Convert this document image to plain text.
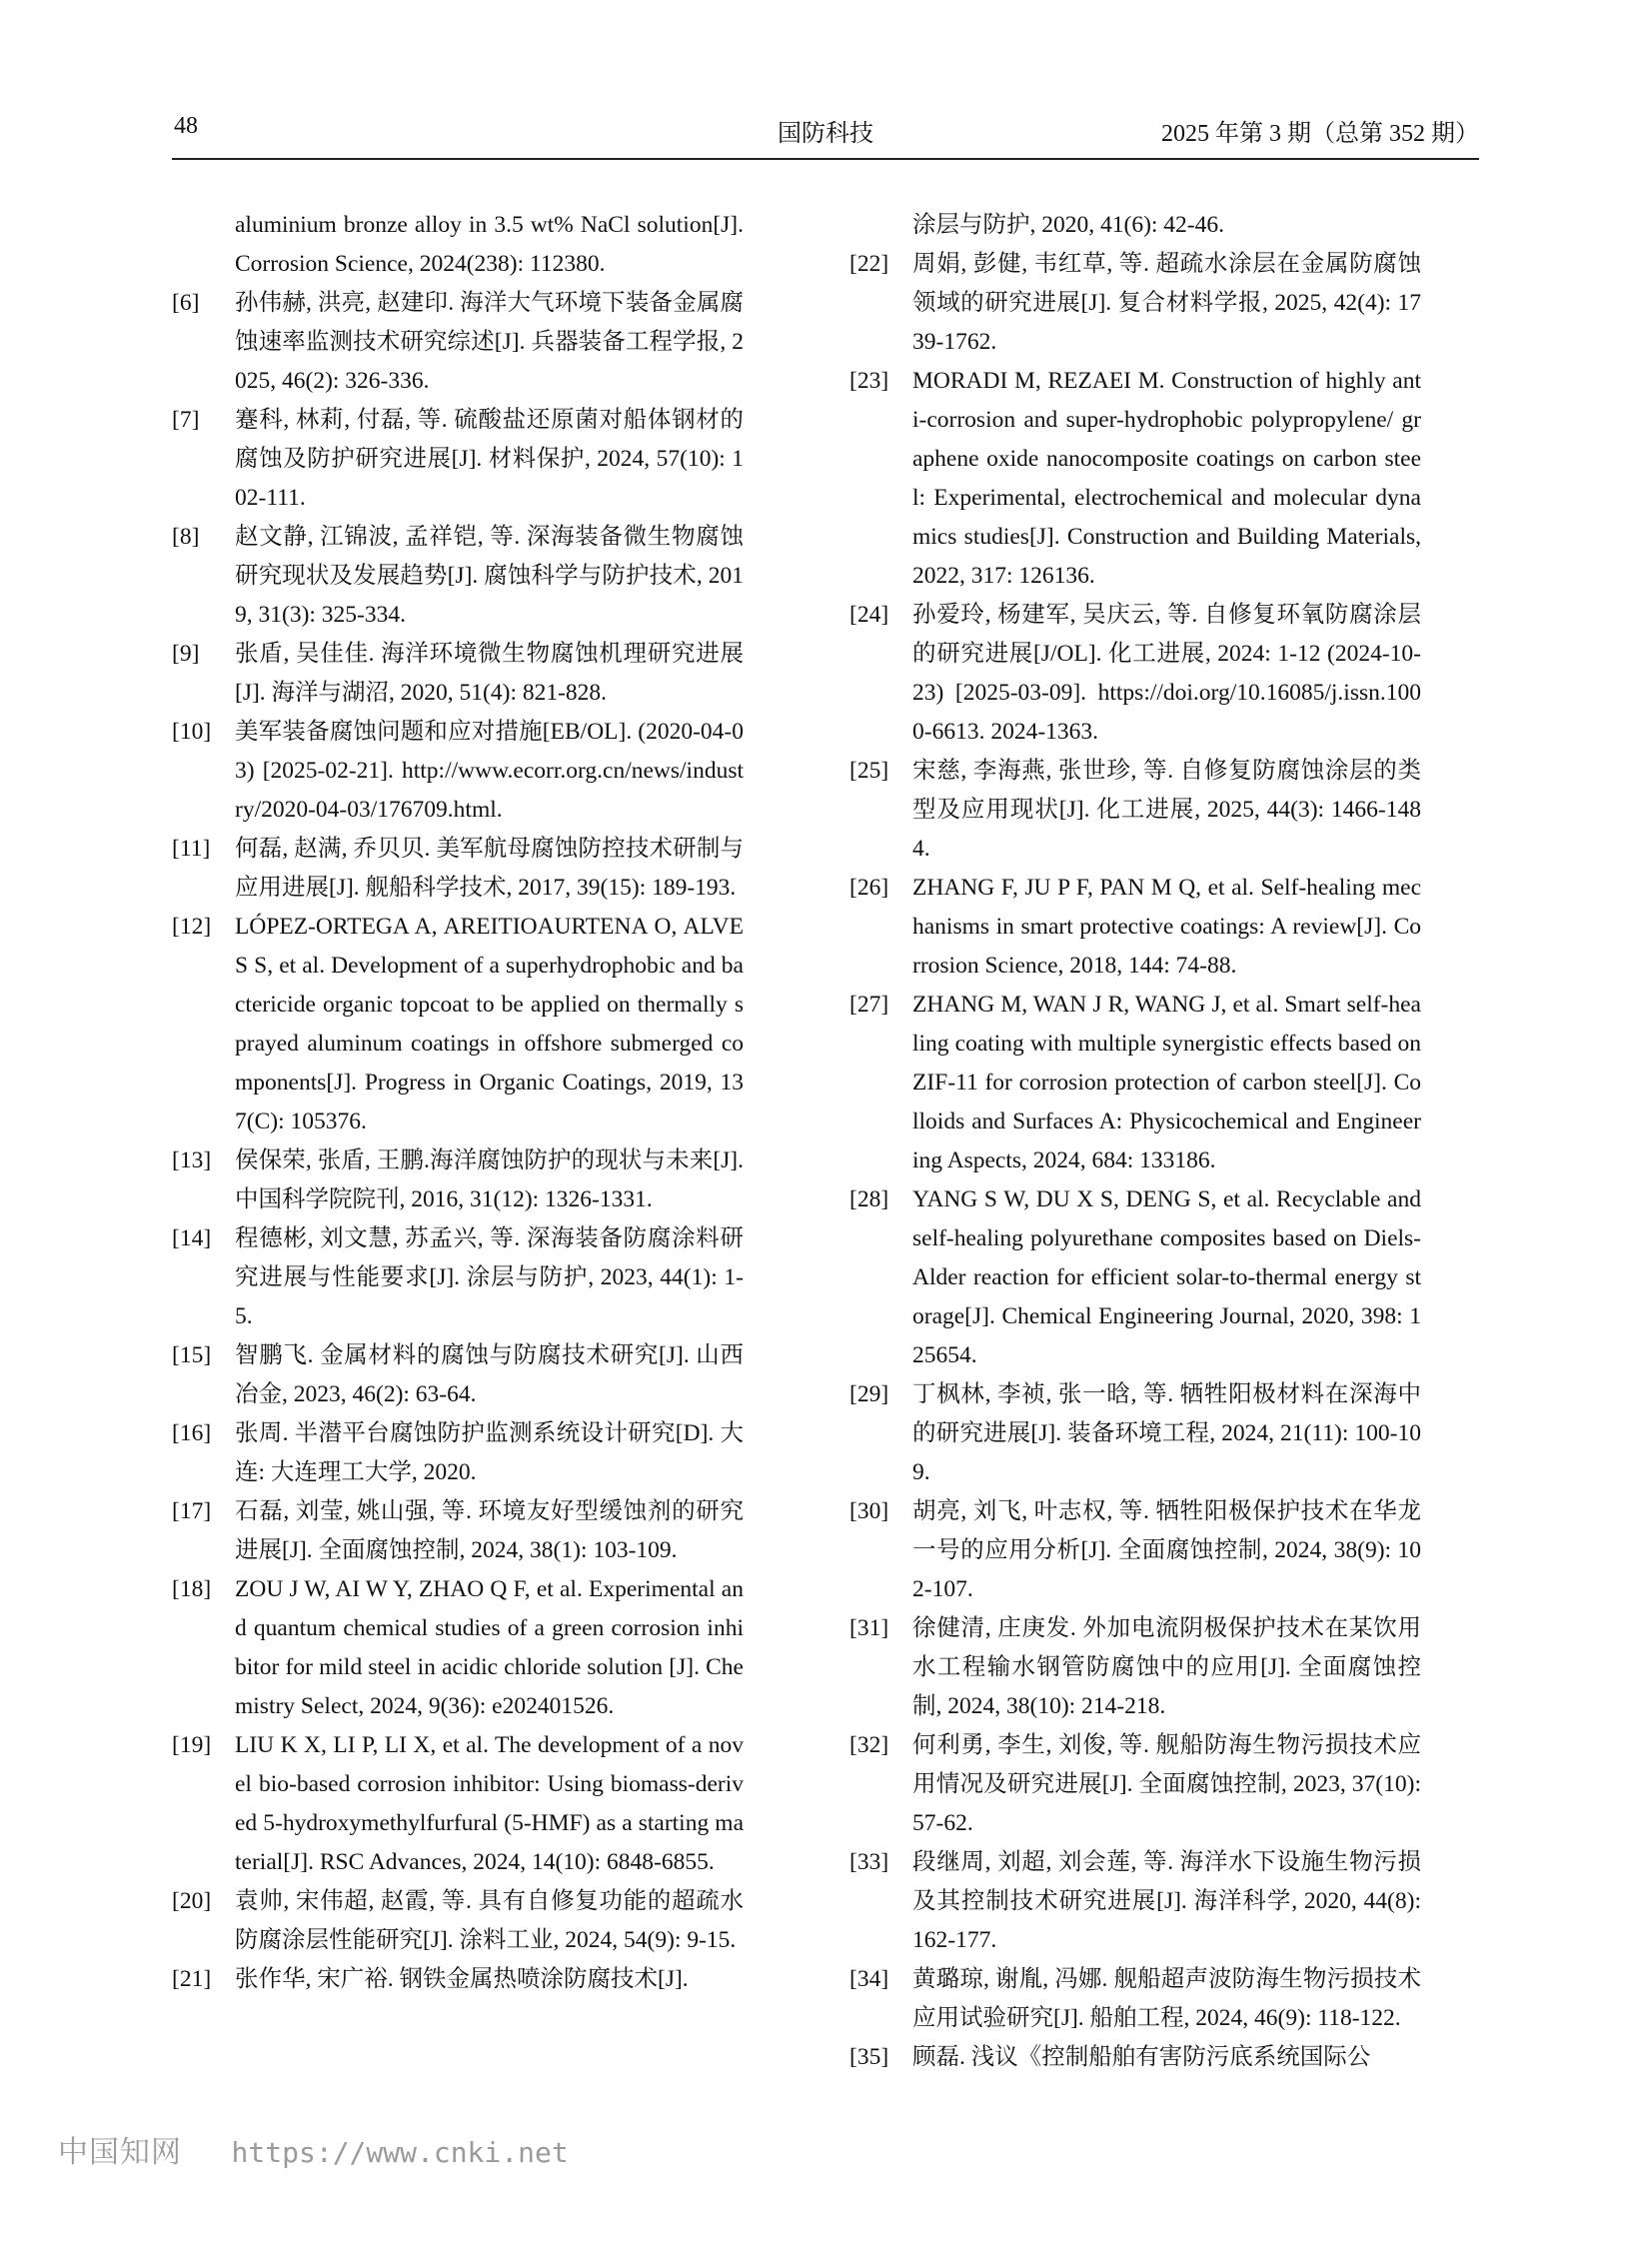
48	国防科技	2025 年第 3 期（总第 352 期）
aluminium bronze alloy in 3.5 wt% NaCl solution[J]. Corrosion Science, 2024(238): 112380.
[6]	孙伟赫, 洪亮, 赵建印. 海洋大气环境下装备金属腐蚀速率监测技术研究综述[J]. 兵器装备工程学报, 2025, 46(2): 326-336.
[7]	蹇科, 林莉, 付磊, 等. 硫酸盐还原菌对船体钢材的腐蚀及防护研究进展[J]. 材料保护, 2024, 57(10): 102-111.
[8]	赵文静, 江锦波, 孟祥铠, 等. 深海装备微生物腐蚀研究现状及发展趋势[J]. 腐蚀科学与防护技术, 2019, 31(3): 325-334.
[9]	张盾, 吴佳佳. 海洋环境微生物腐蚀机理研究进展[J]. 海洋与湖沼, 2020, 51(4): 821-828.
[10]	美军装备腐蚀问题和应对措施[EB/OL]. (2020-04-03) [2025-02-21]. http://www.ecorr.org.cn/news/industry/2020-04-03/176709.html.
[11]	何磊, 赵满, 乔贝贝. 美军航母腐蚀防控技术研制与应用进展[J]. 舰船科学技术, 2017, 39(15): 189-193.
[12]	LÓPEZ-ORTEGA A, AREITIOAURTENA O, ALVES S, et al. Development of a superhydrophobic and bactericide organic topcoat to be applied on thermally sprayed aluminum coatings in offshore submerged components[J]. Progress in Organic Coatings, 2019, 137(C): 105376.
[13]	侯保荣, 张盾, 王鹏.海洋腐蚀防护的现状与未来[J]. 中国科学院院刊, 2016, 31(12): 1326-1331.
[14]	程德彬, 刘文慧, 苏孟兴, 等. 深海装备防腐涂料研究进展与性能要求[J]. 涂层与防护, 2023, 44(1): 1-5.
[15]	智鹏飞. 金属材料的腐蚀与防腐技术研究[J]. 山西冶金, 2023, 46(2): 63-64.
[16]	张周. 半潜平台腐蚀防护监测系统设计研究[D]. 大连: 大连理工大学, 2020.
[17]	石磊, 刘莹, 姚山强, 等. 环境友好型缓蚀剂的研究进展[J]. 全面腐蚀控制, 2024, 38(1): 103-109.
[18]	ZOU J W, AI W Y, ZHAO Q F, et al. Experimental and quantum chemical studies of a green corrosion inhibitor for mild steel in acidic chloride solution [J]. Chemistry Select, 2024, 9(36): e202401526.
[19]	LIU K X, LI P, LI X, et al. The development of a novel bio-based corrosion inhibitor: Using biomass-derived 5-hydroxymethylfurfural (5-HMF) as a starting material[J]. RSC Advances, 2024, 14(10): 6848-6855.
[20]	袁帅, 宋伟超, 赵霞, 等. 具有自修复功能的超疏水防腐涂层性能研究[J]. 涂料工业, 2024, 54(9): 9-15.
[21]	张作华, 宋广裕. 钢铁金属热喷涂防腐技术[J].
涂层与防护, 2020, 41(6): 42-46.
[22]	周娟, 彭健, 韦红草, 等. 超疏水涂层在金属防腐蚀领域的研究进展[J]. 复合材料学报, 2025, 42(4): 1739-1762.
[23]	MORADI M, REZAEI M. Construction of highly anti-corrosion and super-hydrophobic polypropylene/ graphene oxide nanocomposite coatings on carbon steel: Experimental, electrochemical and molecular dynamics studies[J]. Construction and Building Materials, 2022, 317: 126136.
[24]	孙爱玲, 杨建军, 吴庆云, 等. 自修复环氧防腐涂层的研究进展[J/OL]. 化工进展, 2024: 1-12 (2024-10-23) [2025-03-09]. https://doi.org/10.16085/j.issn.1000-6613. 2024-1363.
[25]	宋慈, 李海燕, 张世珍, 等. 自修复防腐蚀涂层的类型及应用现状[J]. 化工进展, 2025, 44(3): 1466-1484.
[26]	ZHANG F, JU P F, PAN M Q, et al. Self-healing mechanisms in smart protective coatings: A review[J]. Corrosion Science, 2018, 144: 74-88.
[27]	ZHANG M, WAN J R, WANG J, et al. Smart self-healing coating with multiple synergistic effects based on ZIF-11 for corrosion protection of carbon steel[J]. Colloids and Surfaces A: Physicochemical and Engineering Aspects, 2024, 684: 133186.
[28]	YANG S W, DU X S, DENG S, et al. Recyclable and self-healing polyurethane composites based on Diels-Alder reaction for efficient solar-to-thermal energy storage[J]. Chemical Engineering Journal, 2020, 398: 125654.
[29]	丁枫林, 李祯, 张一晗, 等. 牺牲阳极材料在深海中的研究进展[J]. 装备环境工程, 2024, 21(11): 100-109.
[30]	胡亮, 刘飞, 叶志权, 等. 牺牲阳极保护技术在华龙一号的应用分析[J]. 全面腐蚀控制, 2024, 38(9): 102-107.
[31]	徐健清, 庄庚发. 外加电流阴极保护技术在某饮用水工程输水钢管防腐蚀中的应用[J]. 全面腐蚀控制, 2024, 38(10): 214-218.
[32]	何利勇, 李生, 刘俊, 等. 舰船防海生物污损技术应用情况及研究进展[J]. 全面腐蚀控制, 2023, 37(10): 57-62.
[33]	段继周, 刘超, 刘会莲, 等. 海洋水下设施生物污损及其控制技术研究进展[J]. 海洋科学, 2020, 44(8): 162-177.
[34]	黄璐琼, 谢胤, 冯娜. 舰船超声波防海生物污损技术应用试验研究[J]. 船舶工程, 2024, 46(9): 118-122.
[35]	顾磊. 浅议《控制船舶有害防污底系统国际公
中国知网 https://www.cnki.net
